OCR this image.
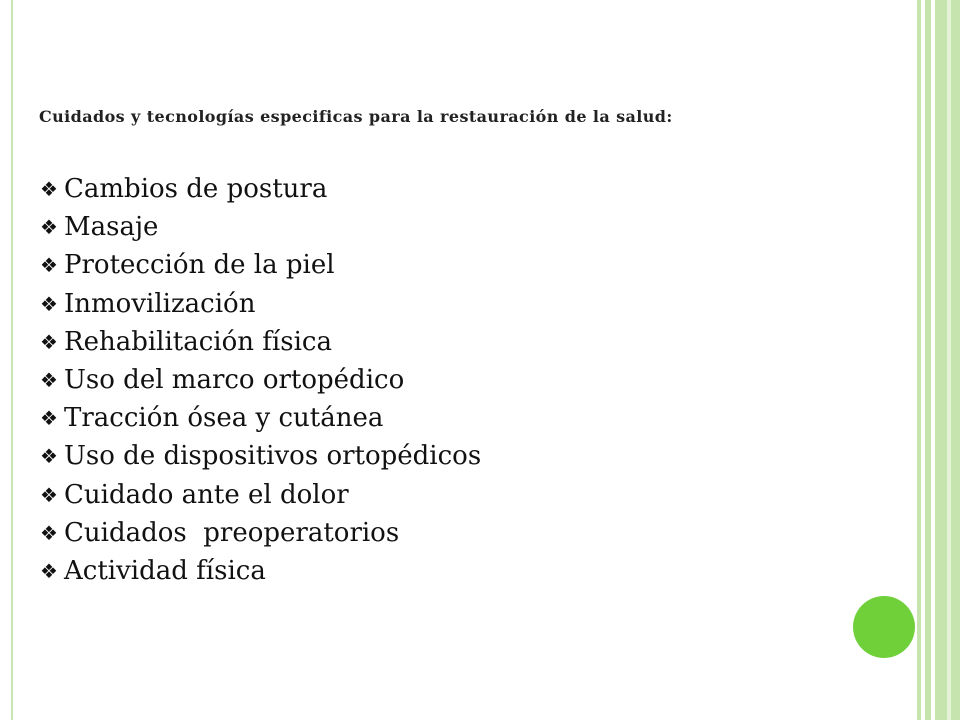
Cuidados y tecnologías especificas para la restauración de la salud:
❖ Cambios de postura
❖ Masaje
❖ Protección de la piel
❖ Inmovilización
❖ Rehabilitación física
❖ Uso del marco ortopédico
❖ Tracción ósea y cutánea
❖ Uso de dispositivos ortopédicos
❖ Cuidado ante el dolor
❖ Cuidados  preoperatorios
❖ Actividad física
